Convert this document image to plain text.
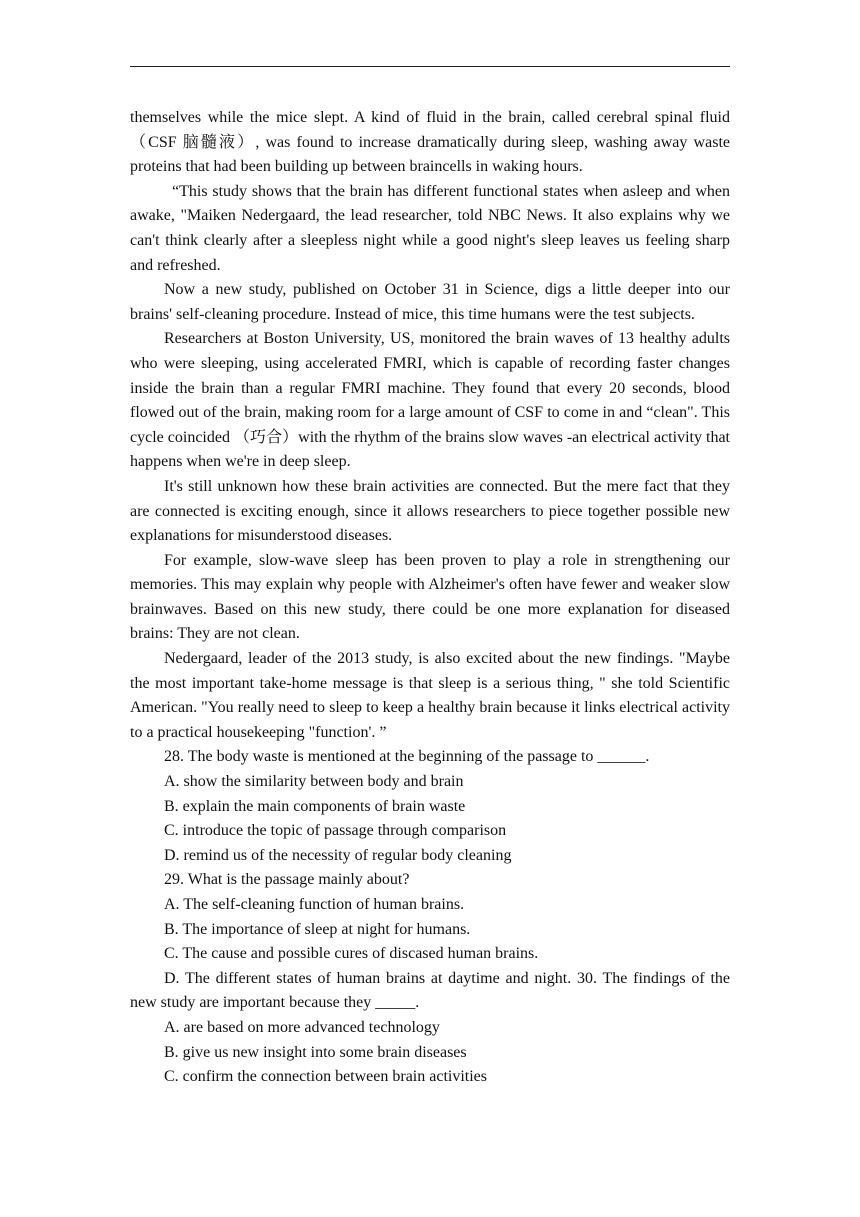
themselves while the mice slept. A kind of fluid in the brain, called cerebral spinal fluid（CSF 脑髓液）, was found to increase dramatically during sleep, washing away waste proteins that had been building up between braincells in waking hours.

“This study shows that the brain has different functional states when asleep and when awake, "Maiken Nedergaard, the lead researcher, told NBC News. It also explains why we can't think clearly after a sleepless night while a good night's sleep leaves us feeling sharp and refreshed.

Now a new study, published on October 31 in Science, digs a little deeper into our brains' self-cleaning procedure. Instead of mice, this time humans were the test subjects.

Researchers at Boston University, US, monitored the brain waves of 13 healthy adults who were sleeping, using accelerated FMRI, which is capable of recording faster changes inside the brain than a regular FMRI machine. They found that every 20 seconds, blood flowed out of the brain, making room for a large amount of CSF to come in and “clean". This cycle coincided （巧合）with the rhythm of the brains slow waves -an electrical activity that happens when we're in deep sleep.

It's still unknown how these brain activities are connected. But the mere fact that they are connected is exciting enough, since it allows researchers to piece together possible new explanations for misunderstood diseases.

For example, slow-wave sleep has been proven to play a role in strengthening our memories. This may explain why people with Alzheimer's often have fewer and weaker slow brainwaves. Based on this new study, there could be one more explanation for diseased brains: They are not clean.

Nedergaard, leader of the 2013 study, is also excited about the new findings. "Maybe the most important take-home message is that sleep is a serious thing, " she told Scientific American. "You really need to sleep to keep a healthy brain because it links electrical activity to a practical housekeeping "function'. ”

28. The body waste is mentioned at the beginning of the passage to ______.

A. show the similarity between body and brain

B. explain the main components of brain waste

C. introduce the topic of passage through comparison

D. remind us of the necessity of regular body cleaning

29. What is the passage mainly about?

A. The self-cleaning function of human brains.

B. The importance of sleep at night for humans.

C. The cause and possible cures of discased human brains.

D. The different states of human brains at daytime and night. 30. The findings of the new study are important because they _____.

A. are based on more advanced technology

B. give us new insight into some brain diseases

C. confirm the connection between brain activities
